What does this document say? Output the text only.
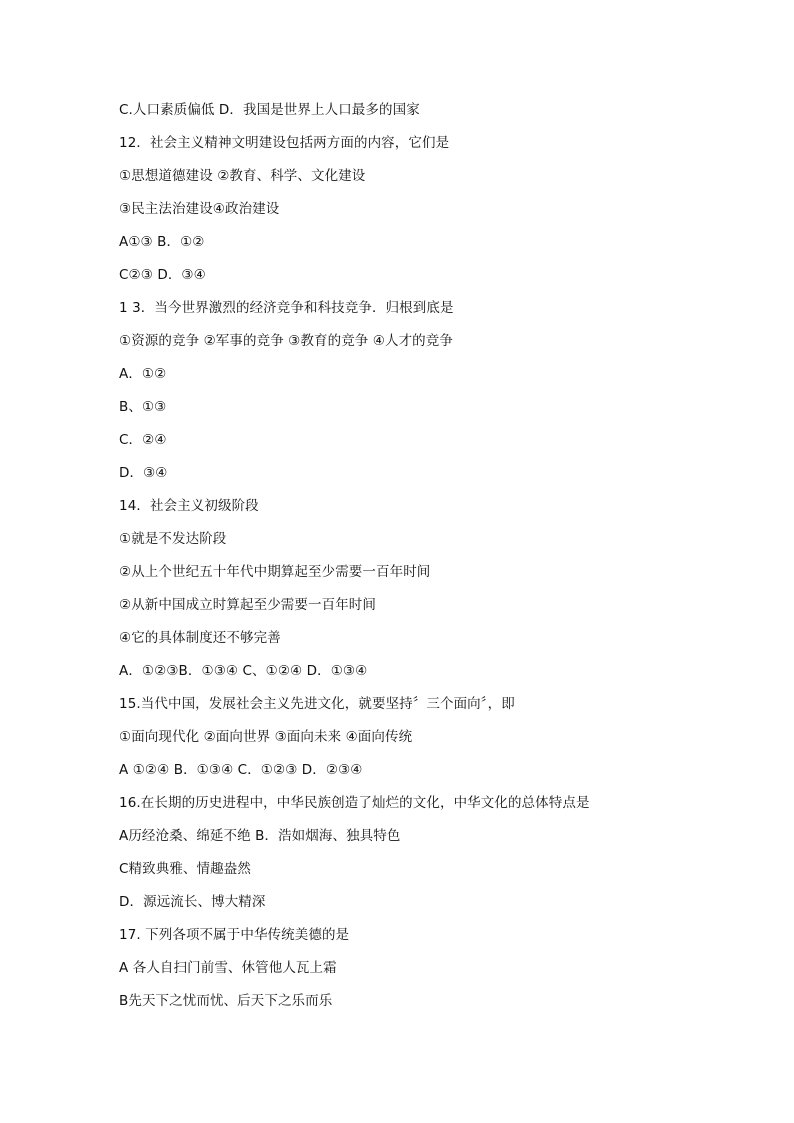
C.人口素质偏低 D．我国是世界上人口最多的国家
12．社会主义精神文明建设包括两方面的内容，它们是
①思想道德建设 ②教育、科学、文化建设
③民主法治建设④政治建设
A①③ B．①②
C②③ D．③④
1 3．当今世界激烈的经济竞争和科技竞争．归根到底是
①资源的竞争 ②军事的竞争 ③教育的竞争 ④人才的竞争
A．①②
B、①③
C．②④
D．③④
14．社会主义初级阶段
①就是不发达阶段
②从上个世纪五十年代中期算起至少需要一百年时间
②从新中国成立时算起至少需要一百年时间
④它的具体制度还不够完善
A．①②③B．①③④ C、①②④ D．①③④
15.当代中国，发展社会主义先进文化，就要坚持〞三个面向〞，即
①面向现代化 ②面向世界 ③面向未来 ④面向传统
A ①②④ B．①③④ C．①②③ D．②③④
16.在长期的历史进程中，中华民族创造了灿烂的文化，中华文化的总体特点是
A历经沧桑、绵延不绝 B．浩如烟海、独具特色
C精致典雅、情趣盎然
D．源远流长、博大精深
17. 下列各项不属于中华传统美德的是
A 各人自扫门前雪、休管他人瓦上霜
B先天下之忧而忧、后天下之乐而乐
